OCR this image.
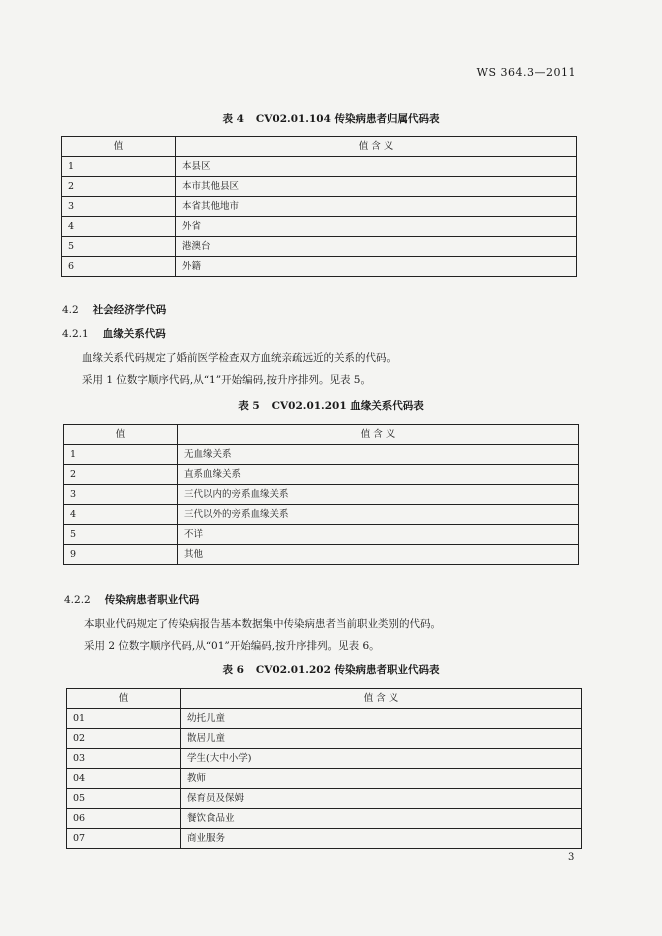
WS 364.3—2011
表 4 CV02.01.104 传染病患者归属代码表
值	值 含 义
1	本县区
2	本市其他县区
3	本省其他地市
4	外省
5	港澳台
6	外籍
4.2 社会经济学代码
4.2.1 血缘关系代码
血缘关系代码规定了婚前医学检查双方血统亲疏远近的关系的代码。
采用 1 位数字顺序代码,从“1”开始编码,按升序排列。见表 5。
表 5 CV02.01.201 血缘关系代码表
值	值 含 义
1	无血缘关系
2	直系血缘关系
3	三代以内的旁系血缘关系
4	三代以外的旁系血缘关系
5	不详
9	其他
4.2.2 传染病患者职业代码
本职业代码规定了传染病报告基本数据集中传染病患者当前职业类别的代码。
采用 2 位数字顺序代码,从“01”开始编码,按升序排列。见表 6。
表 6 CV02.01.202 传染病患者职业代码表
值	值 含 义
01	幼托儿童
02	散居儿童
03	学生(大中小学)
04	教师
05	保育员及保姆
06	餐饮食品业
07	商业服务
3
